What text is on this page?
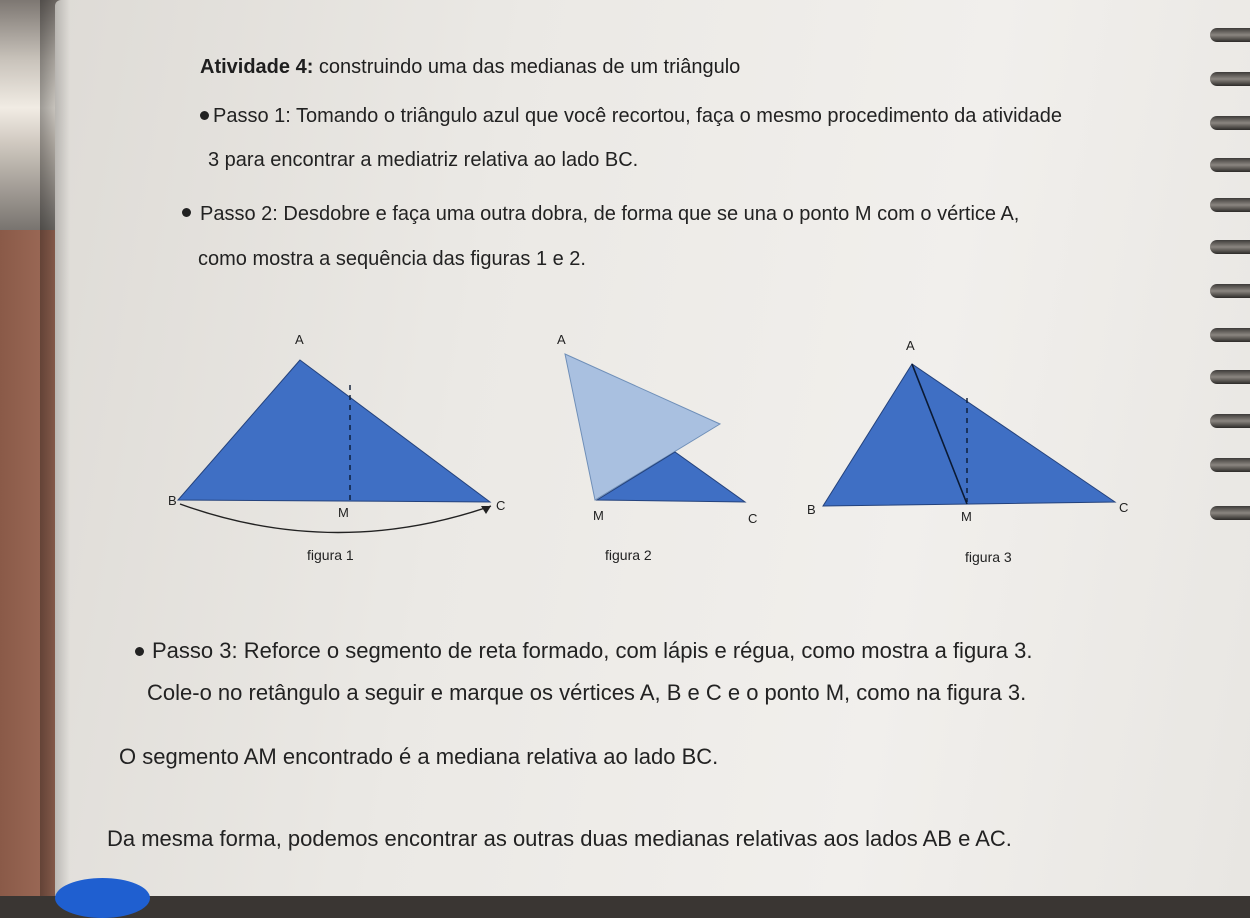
Atividade 4: construindo uma das medianas de um triângulo

Passo 1: Tomando o triângulo azul que você recortou, faça o mesmo procedimento da atividade

3 para encontrar a mediatriz relativa ao lado BC.

Passo 2: Desdobre e faça uma outra dobra, de forma que se una o ponto M com o vértice A,

como mostra a sequência das figuras 1 e 2.

A
B	C
M
figura 1
A
M	C
figura 2
A
B	C
M
figura 3

Passo 3: Reforce o segmento de reta formado, com lápis e régua, como mostra a figura 3.

Cole-o no retângulo a seguir e marque os vértices A, B e C e o ponto M, como na figura 3.

O segmento AM encontrado é a mediana relativa ao lado BC.

Da mesma forma, podemos encontrar as outras duas medianas relativas aos lados AB e AC.
